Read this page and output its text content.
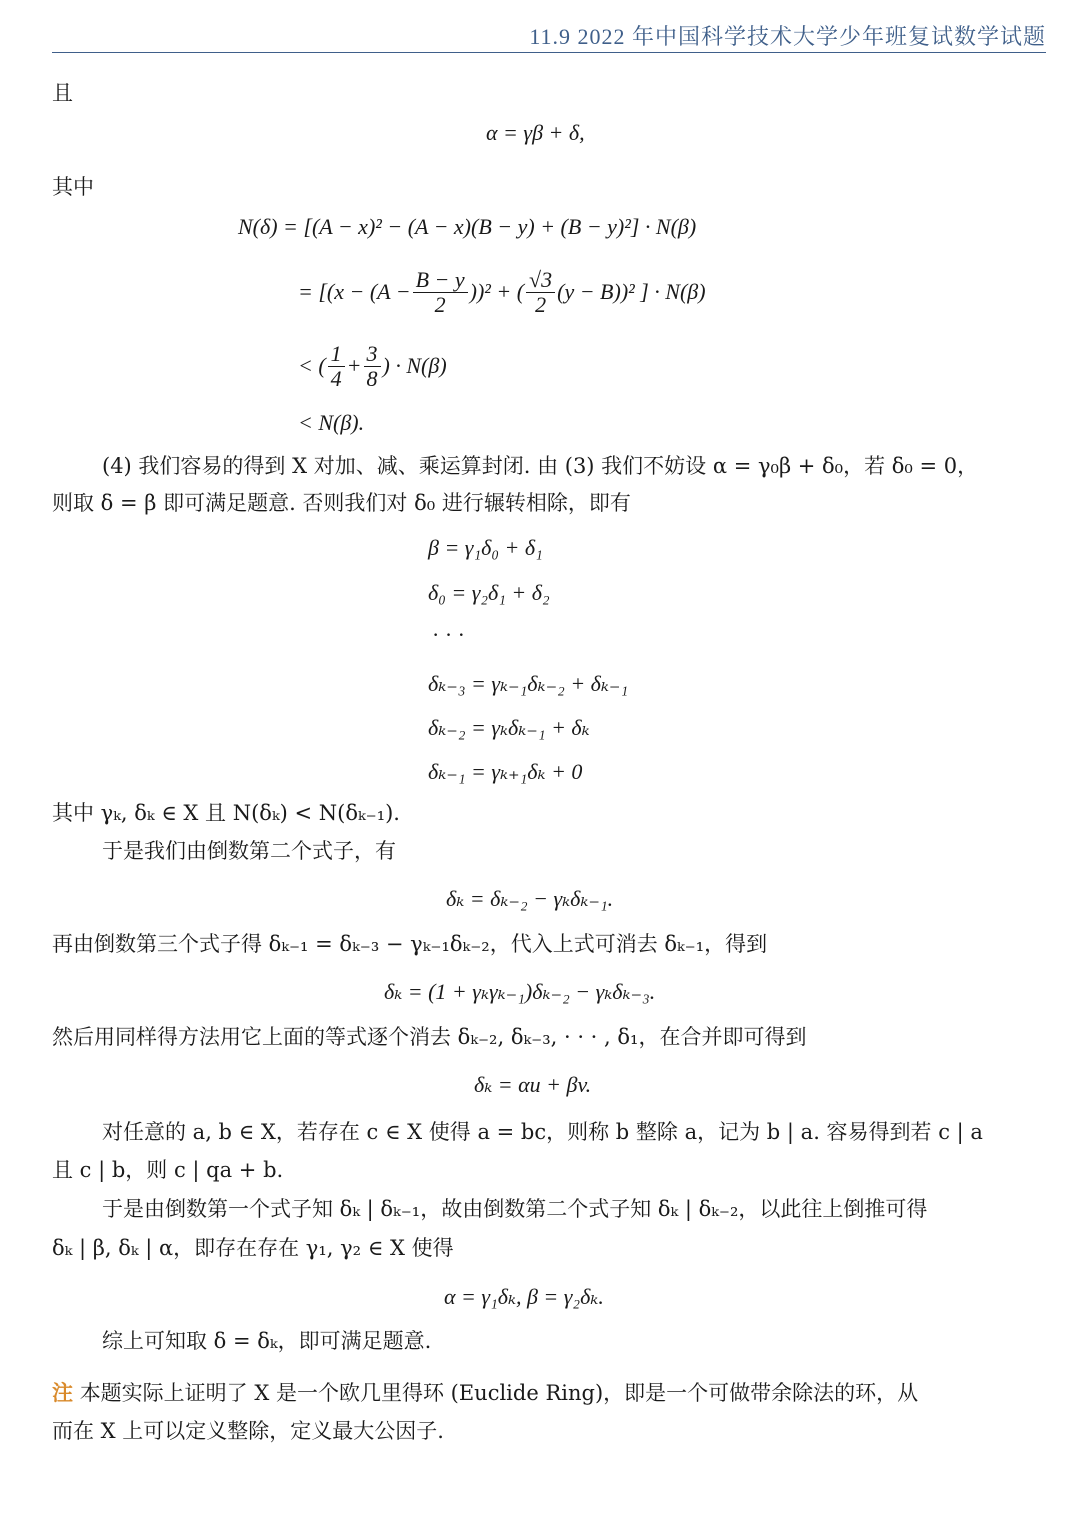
11.9 2022 年中国科学技术大学少年班复试数学试题
且
α = γβ + δ,
其中
N(δ) = [(A − x)² − (A − x)(B − y) + (B − y)²] · N(β)
= [$(x - (A - \frac{B - y}{2} ))^2$ + ( $\frac{√3}{2} (y - B))^2$ ] · N(β)
< ( $\frac{1}{4} + \frac{3}{8}$ ) · N(β)
< N(β).
(4) 我们容易的得到 X 对加、减、乘运算封闭. 由 (3) 我们不妨设 α = γ₀β + δ₀，若 δ₀ = 0，
则取 δ = β 即可满足题意. 否则我们对 δ₀ 进行辗转相除，即有
β = γ₁δ₀ + δ₁
δ₀ = γ₂δ₁ + δ₂
· · ·
δₖ₋₃ = γₖ₋₁δₖ₋₂ + δₖ₋₁
δₖ₋₂ = γₖδₖ₋₁ + δₖ
δₖ₋₁ = γₖ₊₁δₖ + 0
其中 γₖ, δₖ ∈ X 且 N(δₖ) < N(δₖ₋₁).
于是我们由倒数第二个式子，有
δₖ = δₖ₋₂ − γₖδₖ₋₁.
再由倒数第三个式子得 δₖ₋₁ = δₖ₋₃ − γₖ₋₁δₖ₋₂，代入上式可消去 δₖ₋₁，得到
δₖ = (1 + γₖγₖ₋₁)δₖ₋₂ − γₖδₖ₋₃.
然后用同样得方法用它上面的等式逐个消去 δₖ₋₂, δₖ₋₃, · · · , δ₁，在合并即可得到
δₖ = αu + βv.
对任意的 a, b ∈ X，若存在 c ∈ X 使得 a = bc，则称 b 整除 a，记为 b | a. 容易得到若 c | a
且 c | b，则 c | qa + b.
于是由倒数第一个式子知 δₖ | δₖ₋₁，故由倒数第二个式子知 δₖ | δₖ₋₂，以此往上倒推可得
δₖ | β, δₖ | α，即存在存在 γ₁, γ₂ ∈ X 使得
α = γ₁δₖ, β = γ₂δₖ.
综上可知取 δ = δₖ，即可满足题意.
注 本题实际上证明了 X 是一个欧几里得环 (Euclide Ring)，即是一个可做带余除法的环，从
而在 X 上可以定义整除，定义最大公因子.
